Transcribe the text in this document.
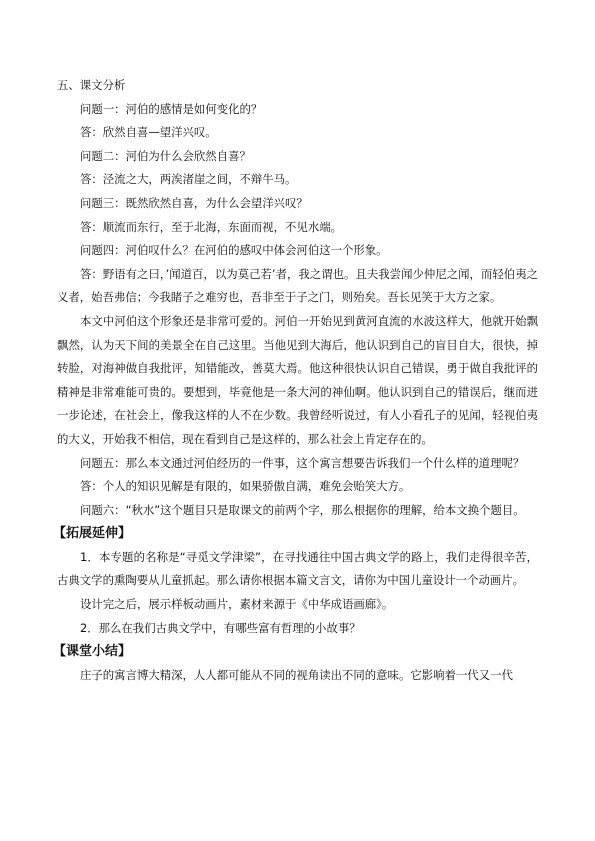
五、课文分析

问题一：河伯的感情是如何变化的？

答：欣然自喜—望洋兴叹。

问题二：河伯为什么会欣然自喜？

答：泾流之大，两涘渚崖之间，不辩牛马。

问题三：既然欣然自喜，为什么会望洋兴叹？

答：顺流而东行，至于北海，东面而视，不见水端。

问题四：河伯叹什么？在河伯的感叹中体会河伯这一个形象。

答：野语有之曰，’闻道百，以为莫己若’者，我之谓也。且夫我尝闻少仲尼之闻，而轻伯夷之义者，始吾弗信；今我睹子之难穷也，吾非至于子之门，则殆矣。吾长见笑于大方之家。

本文中河伯这个形象还是非常可爱的。河伯一开始见到黄河直流的水波这样大，他就开始飘飘然，认为天下间的美景全在自己这里。当他见到大海后，他认识到自己的盲目自大，很快，掉转脸，对海神做自我批评，知错能改，善莫大焉。他这种很快认识自己错误，勇于做自我批评的精神是非常难能可贵的。要想到，毕竟他是一条大河的神仙啊。他认识到自己的错误后，继而进一步论述，在社会上，像我这样的人不在少数。我曾经听说过，有人小看孔子的见闻，轻视伯夷的大义，开始我不相信，现在看到自己是这样的，那么社会上肯定存在的。

问题五：那么本文通过河伯经历的一件事，这个寓言想要告诉我们一个什么样的道理呢？

答：个人的知识见解是有限的，如果骄傲自满，难免会贻笑大方。

问题六：“秋水”这个题目只是取课文的前两个字，那么根据你的理解，给本文换个题目。

【拓展延伸】

1．本专题的名称是“寻觅文学津梁”，在寻找通往中国古典文学的路上，我们走得很辛苦，古典文学的熏陶要从儿童抓起。那么请你根据本篇文言文，请你为中国儿童设计一个动画片。

设计完之后，展示样板动画片，素材来源于《中华成语画廊》。

2．那么在我们古典文学中，有哪些富有哲理的小故事？

【课堂小结】

庄子的寓言博大精深，人人都可能从不同的视角读出不同的意味。它影响着一代又一代
